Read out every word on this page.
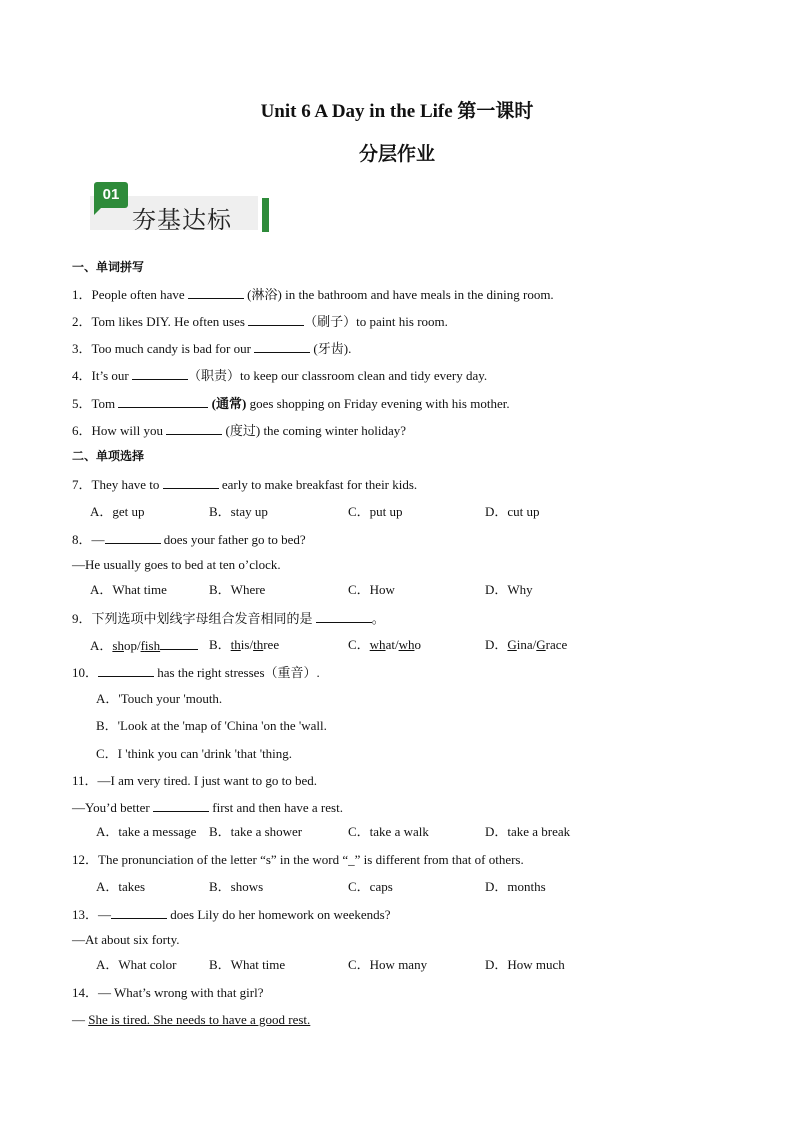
Unit 6 A Day in the Life 第一课时
分层作业
01
夯基达标
一、单词拼写
1．People often have	(淋浴) in the bathroom and have meals in the dining room.
2．Tom likes DIY. He often uses	（刷子）to paint his room.
3．Too much candy is bad for our	(牙齿).
4．It’s our	（职责）to keep our classroom clean and tidy every day.
5．Tom	(通常) goes shopping on Friday evening with his mother.
6．How will you	(度过) the coming winter holiday?
二、单项选择
7．They have to	early to make breakfast for their kids.
A．get up	B．stay up	C．put up	D．cut up
8．—	does your father go to bed?
—He usually goes to bed at ten o’clock.
A．What time	B．Where	C．How	D．Why
9．下列选项中划线字母组合发音相同的是	。
A．shop/fish	B．this/three	C．what/who	D．Gina/Grace
10．	has the right stresses（重音）.
A．'Touch your 'mouth.
B．'Look at the 'map of 'China 'on the 'wall.
C．I 'think you can 'drink 'that 'thing.
11．—I am very tired. I just want to go to bed.
—You’d better	first and then have a rest.
A．take a message B．take a shower	C．take a walk	D．take a break
12．The pronunciation of the letter “s” in the word “_” is different from that of others.
A．takes	B．shows	C．caps	D．months
13．—	does Lily do her homework on weekends?
—At about six forty.
A．What color B．What time	C．How many	D．How much
14．— What’s wrong with that girl?
— She is tired. She needs to have a good rest.
